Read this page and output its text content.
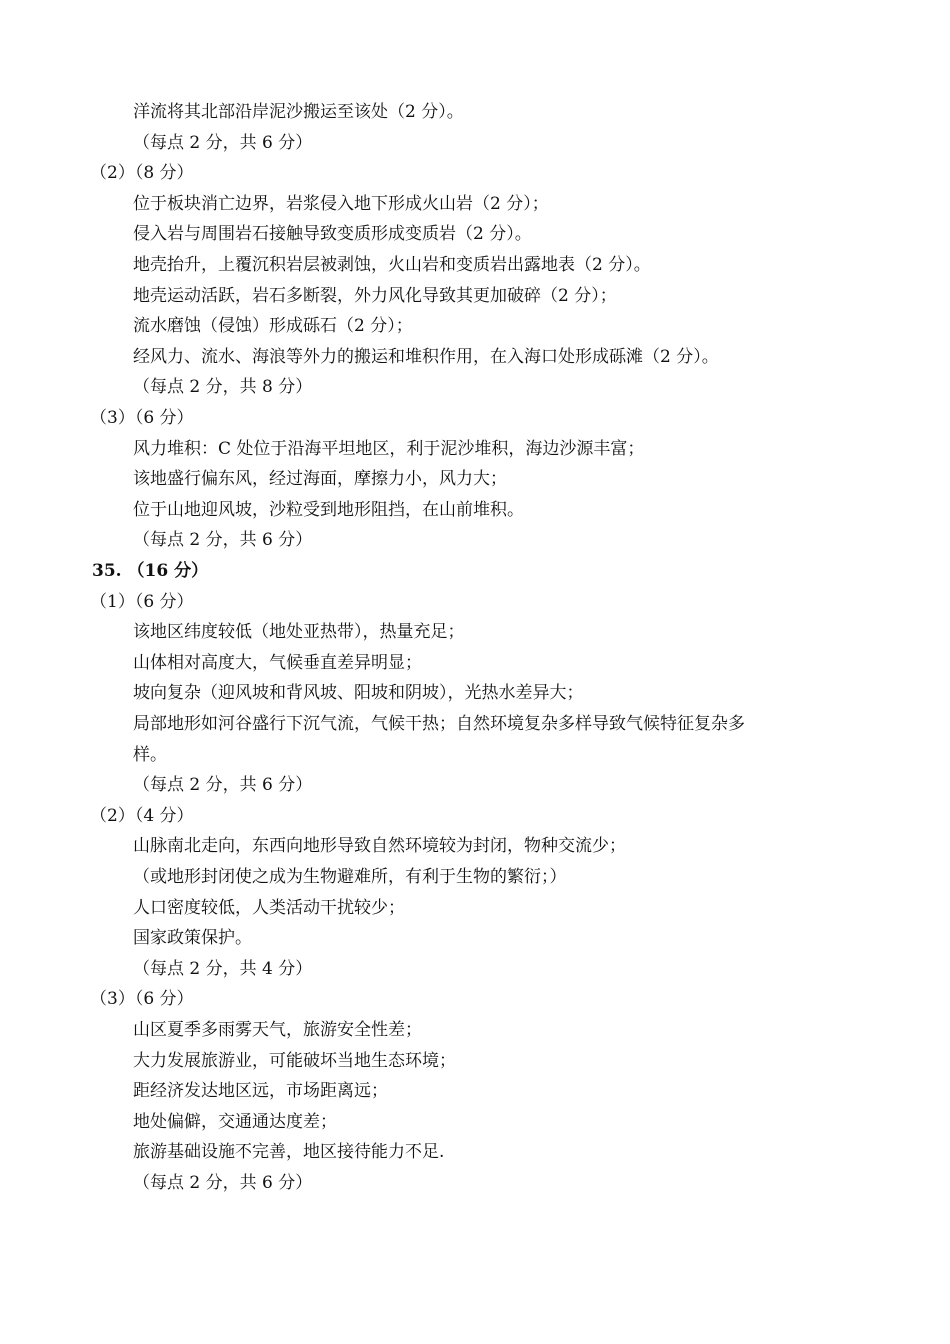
洋流将其北部沿岸泥沙搬运至该处（2 分）。
（每点 2 分，共 6 分）
（2）（8 分）
位于板块消亡边界，岩浆侵入地下形成火山岩（2 分）；
侵入岩与周围岩石接触导致变质形成变质岩（2 分）。
地壳抬升，上覆沉积岩层被剥蚀，火山岩和变质岩出露地表（2 分）。
地壳运动活跃，岩石多断裂，外力风化导致其更加破碎（2 分）；
流水磨蚀（侵蚀）形成砾石（2 分）；
经风力、流水、海浪等外力的搬运和堆积作用，在入海口处形成砾滩（2 分）。
（每点 2 分，共 8 分）
（3）（6 分）
风力堆积：C 处位于沿海平坦地区，利于泥沙堆积，海边沙源丰富；
该地盛行偏东风，经过海面，摩擦力小，风力大；
位于山地迎风坡，沙粒受到地形阻挡，在山前堆积。
（每点 2 分，共 6 分）
35. （16 分）
（1）（6 分）
该地区纬度较低（地处亚热带），热量充足；
山体相对高度大，气候垂直差异明显；
坡向复杂（迎风坡和背风坡、阳坡和阴坡），光热水差异大；
局部地形如河谷盛行下沉气流，气候干热；自然环境复杂多样导致气候特征复杂多
样。
（每点 2 分，共 6 分）
（2）（4 分）
山脉南北走向，东西向地形导致自然环境较为封闭，物种交流少；
（或地形封闭使之成为生物避难所，有利于生物的繁衍；）
人口密度较低，人类活动干扰较少；
国家政策保护。
（每点 2 分，共 4 分）
（3）（6 分）
山区夏季多雨雾天气，旅游安全性差；
大力发展旅游业，可能破坏当地生态环境；
距经济发达地区远，市场距离远；
地处偏僻，交通通达度差；
旅游基础设施不完善，地区接待能力不足.
（每点 2 分，共 6 分）
